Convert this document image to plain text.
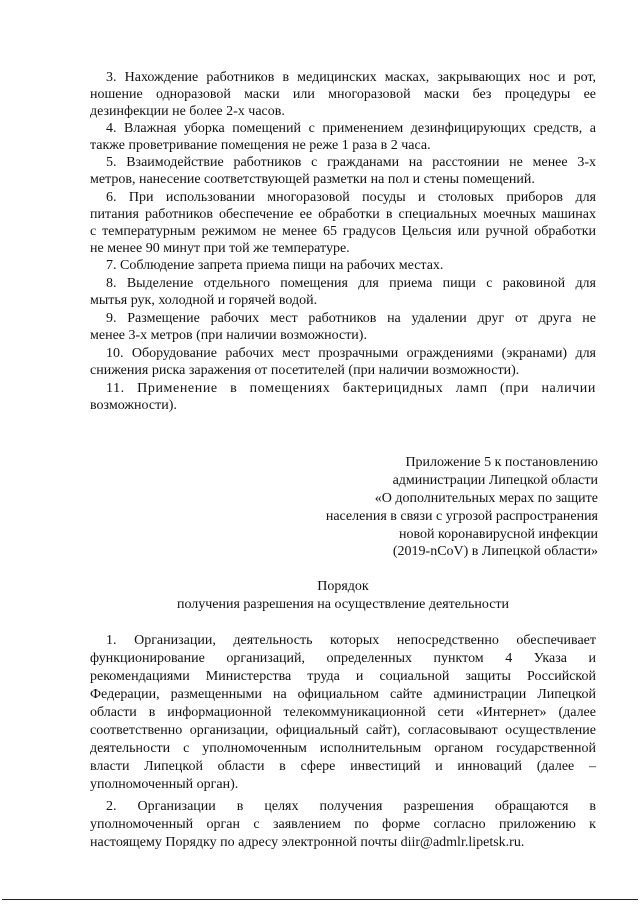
3. Нахождение работников в медицинских масках, закрывающих нос и рот,
ношение одноразовой маски или многоразовой маски без процедуры ее
дезинфекции не более 2-х часов.
4. Влажная уборка помещений с применением дезинфицирующих средств, а
также проветривание помещения не реже 1 раза в 2 часа.
5. Взаимодействие работников с гражданами на расстоянии не менее 3-х
метров, нанесение соответствующей разметки на пол и стены помещений.
6. При использовании многоразовой посуды и столовых приборов для
питания работников обеспечение ее обработки в специальных моечных машинах
с температурным режимом не менее 65 градусов Цельсия или ручной обработки
не менее 90 минут при той же температуре.
7. Соблюдение запрета приема пищи на рабочих местах.
8. Выделение отдельного помещения для приема пищи с раковиной для
мытья рук, холодной и горячей водой.
9. Размещение рабочих мест работников на удалении друг от друга не
менее 3-х метров (при наличии возможности).
10. Оборудование рабочих мест прозрачными ограждениями (экранами) для
снижения риска заражения от посетителей (при наличии возможности).
11. Применение в помещениях бактерицидных ламп (при наличии
возможности).
Приложение 5 к постановлению
администрации Липецкой области
«О дополнительных мерах по защите
населения в связи с угрозой распространения
новой коронавирусной инфекции
(2019-nCoV) в Липецкой области»
Порядок
получения разрешения на осуществление деятельности
1. Организации, деятельность которых непосредственно обеспечивает
функционирование организаций, определенных пунктом 4 Указа и
рекомендациями Министерства труда и социальной защиты Российской
Федерации, размещенными на официальном сайте администрации Липецкой
области в информационной телекоммуникационной сети «Интернет» (далее
соответственно организации, официальный сайт), согласовывают осуществление
деятельности с уполномоченным исполнительным органом государственной
власти Липецкой области в сфере инвестиций и инноваций (далее –
уполномоченный орган).
2. Организации в целях получения разрешения обращаются в
уполномоченный орган с заявлением по форме согласно приложению к
настоящему Порядку по адресу электронной почты diir@admlr.lipetsk.ru.
